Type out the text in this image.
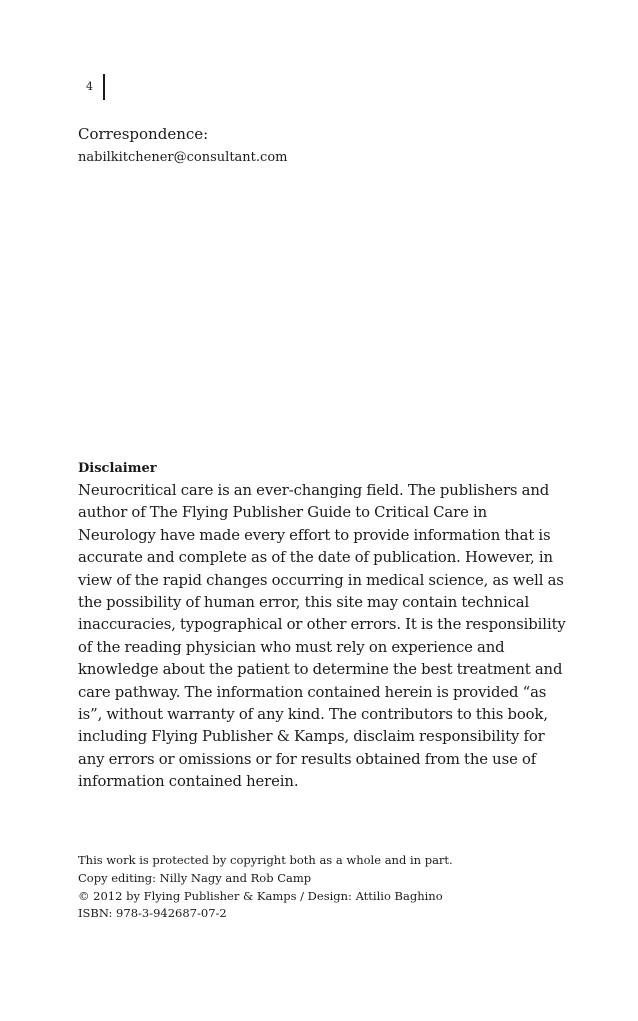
4
Correspondence:
nabilkitchener@consultant.com
Disclaimer

Neurocritical care is an ever-changing field. The publishers and author of The Flying Publisher Guide to Critical Care in Neurology have made every effort to provide information that is accurate and complete as of the date of publication. However, in view of the rapid changes occurring in medical science, as well as the possibility of human error, this site may contain technical inaccuracies, typographical or other errors. It is the responsibility of the reading physician who must rely on experience and knowledge about the patient to determine the best treatment and care pathway. The information contained herein is provided “as is”, without warranty of any kind. The contributors to this book, including Flying Publisher & Kamps, disclaim responsibility for any errors or omissions or for results obtained from the use of information contained herein.

This work is protected by copyright both as a whole and in part.
Copy editing: Nilly Nagy and Rob Camp
© 2012 by Flying Publisher & Kamps / Design: Attilio Baghino
ISBN: 978-3-942687-07-2
